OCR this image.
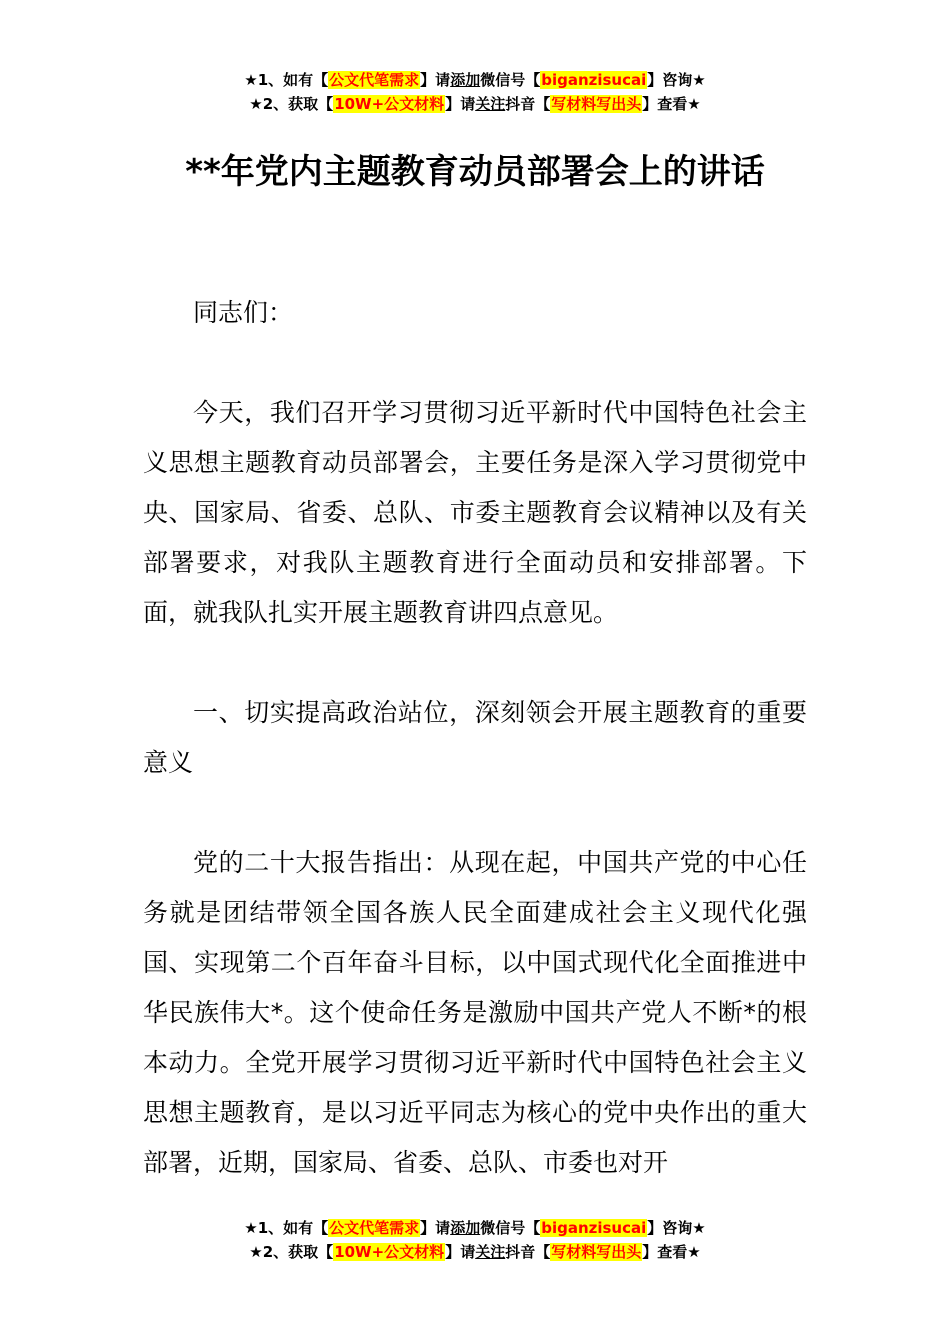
★1、如有【公文代笔需求】请添加微信号【biganzisucai】咨询★
★2、获取【10W+公文材料】请关注抖音【写材料写出头】查看★
**年党内主题教育动员部署会上的讲话

同志们：

今天，我们召开学习贯彻习近平新时代中国特色社会主义思想主题教育动员部署会，主要任务是深入学习贯彻党中央、国家局、省委、总队、市委主题教育会议精神以及有关部署要求，对我队主题教育进行全面动员和安排部署。下面，就我队扎实开展主题教育讲四点意见。

一、切实提高政治站位，深刻领会开展主题教育的重要意义

党的二十大报告指出：从现在起，中国共产党的中心任务就是团结带领全国各族人民全面建成社会主义现代化强国、实现第二个百年奋斗目标，以中国式现代化全面推进中华民族伟大*。这个使命任务是激励中国共产党人不断*的根本动力。全党开展学习贯彻习近平新时代中国特色社会主义思想主题教育，是以习近平同志为核心的党中央作出的重大部署，近期，国家局、省委、总队、市委也对开

★1、如有【公文代笔需求】请添加微信号【biganzisucai】咨询★
★2、获取【10W+公文材料】请关注抖音【写材料写出头】查看★
